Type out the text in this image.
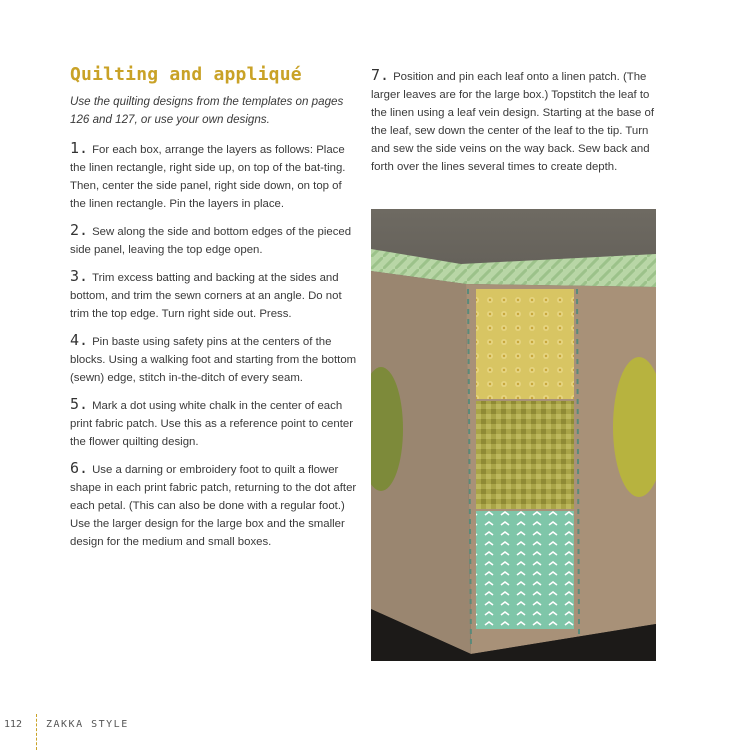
Quilting and appliqué

Use the quilting designs from the templates on pages 126 and 127, or use your own designs.

1. For each box, arrange the layers as follows: Place the linen rectangle, right side up, on top of the bat-ting. Then, center the side panel, right side down, on top of the linen rectangle. Pin the layers in place.

2. Sew along the side and bottom edges of the pieced side panel, leaving the top edge open.

3. Trim excess batting and backing at the sides and bottom, and trim the sewn corners at an angle. Do not trim the top edge. Turn right side out. Press.

4. Pin baste using safety pins at the centers of the blocks. Using a walking foot and starting from the bottom (sewn) edge, stitch in-the-ditch of every seam.

5. Mark a dot using white chalk in the center of each print fabric patch. Use this as a reference point to center the flower quilting design.

6. Use a darning or embroidery foot to quilt a flower shape in each print fabric patch, returning to the dot after each petal. (This can also be done with a regular foot.) Use the larger design for the large box and the smaller design for the medium and small boxes.

7. Position and pin each leaf onto a linen patch. (The larger leaves are for the large box.) Topstitch the leaf to the linen using a leaf vein design. Starting at the base of the leaf, sew down the center of the leaf to the tip. Turn and sew the side veins on the way back. Sew back and forth over the lines several times to create depth.

112 ZAKKA STYLE
